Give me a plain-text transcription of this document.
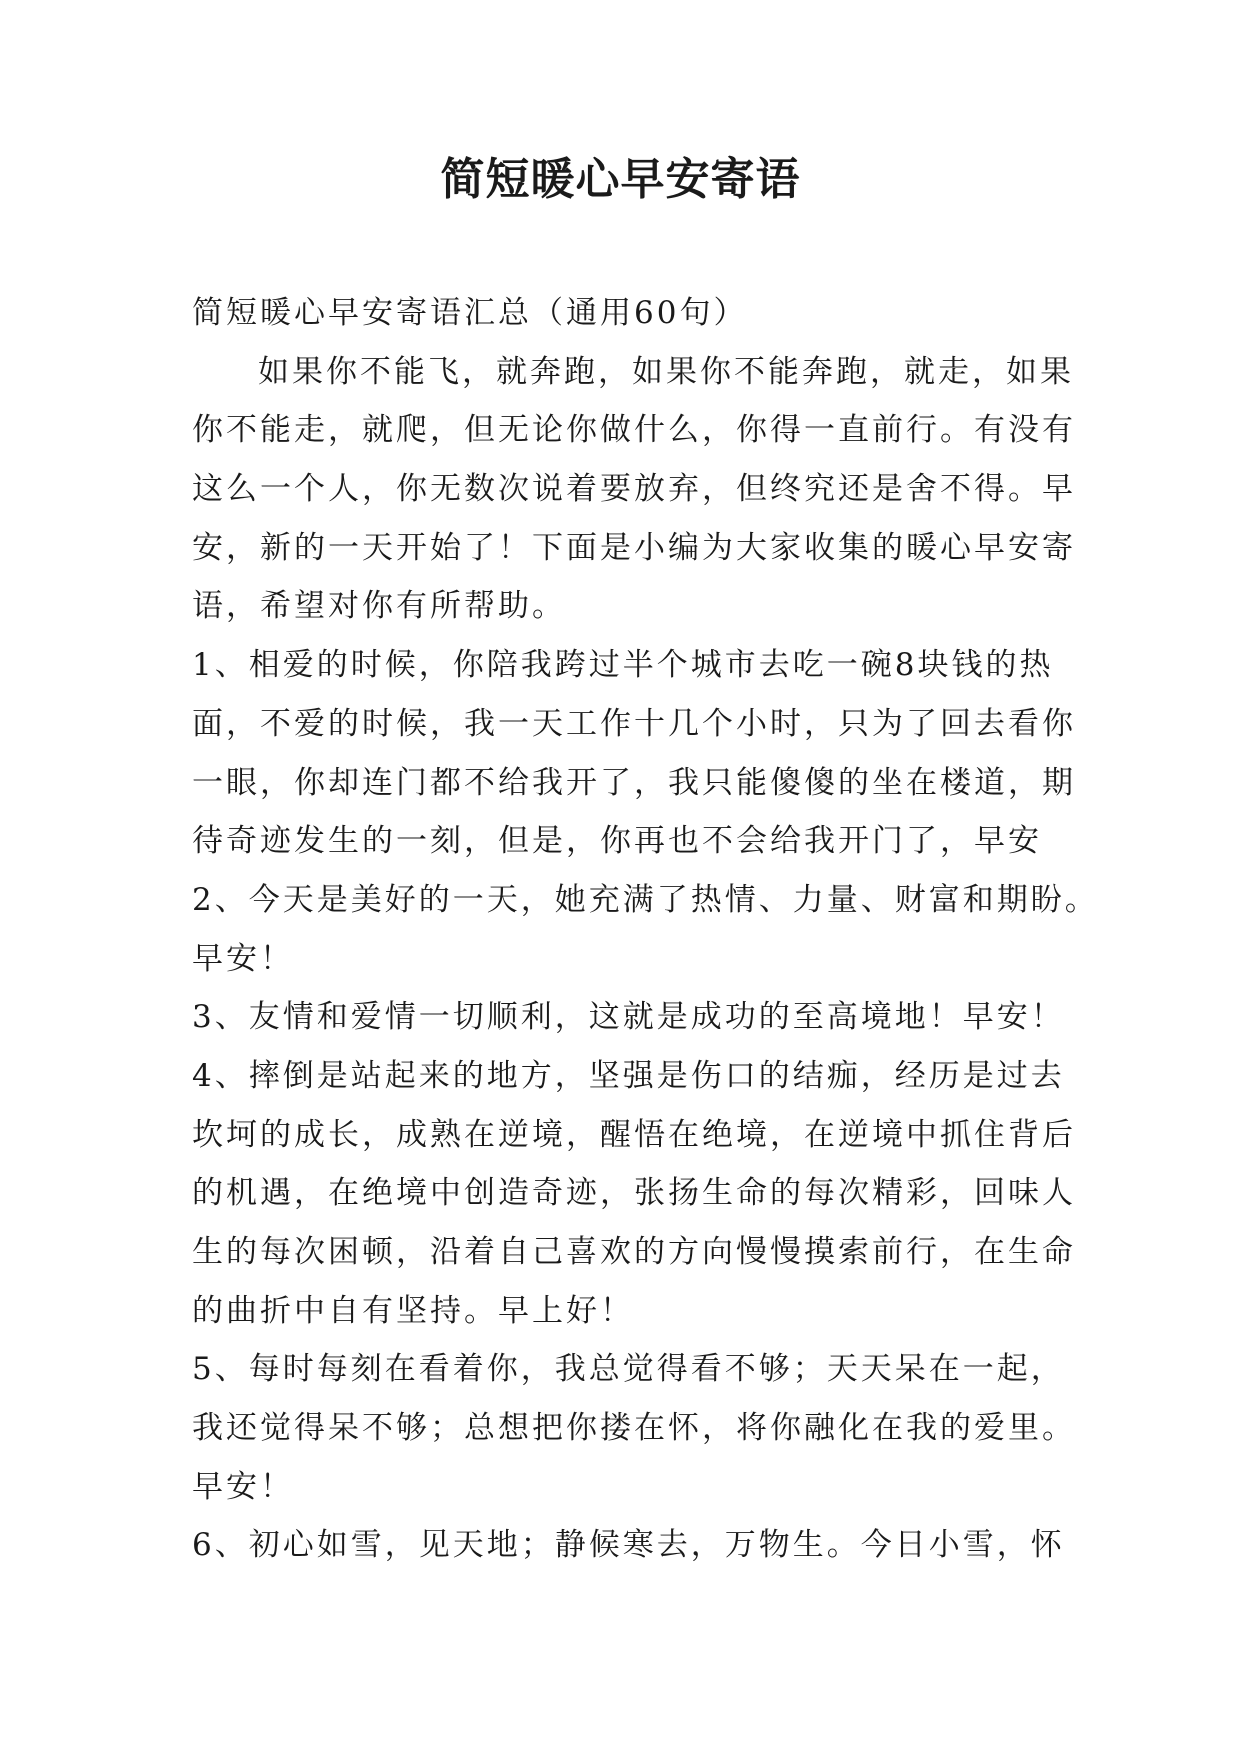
简短暖心早安寄语
简短暖心早安寄语汇总（通用60句）
如果你不能飞，就奔跑，如果你不能奔跑，就走，如果
你不能走，就爬，但无论你做什么，你得一直前行。有没有
这么一个人，你无数次说着要放弃，但终究还是舍不得。早
安，新的一天开始了！下面是小编为大家收集的暖心早安寄
语，希望对你有所帮助。
1、相爱的时候，你陪我跨过半个城市去吃一碗8块钱的热
面，不爱的时候，我一天工作十几个小时，只为了回去看你
一眼，你却连门都不给我开了，我只能傻傻的坐在楼道，期
待奇迹发生的一刻，但是，你再也不会给我开门了，早安
2、今天是美好的一天，她充满了热情、力量、财富和期盼。
早安！
3、友情和爱情一切顺利，这就是成功的至高境地！早安！
4、摔倒是站起来的地方，坚强是伤口的结痂，经历是过去
坎坷的成长，成熟在逆境，醒悟在绝境，在逆境中抓住背后
的机遇，在绝境中创造奇迹，张扬生命的每次精彩，回味人
生的每次困顿，沿着自己喜欢的方向慢慢摸索前行，在生命
的曲折中自有坚持。早上好！
5、每时每刻在看着你，我总觉得看不够；天天呆在一起，
我还觉得呆不够；总想把你搂在怀，将你融化在我的爱里。
早安！
6、初心如雪，见天地；静候寒去，万物生。今日小雪，怀
